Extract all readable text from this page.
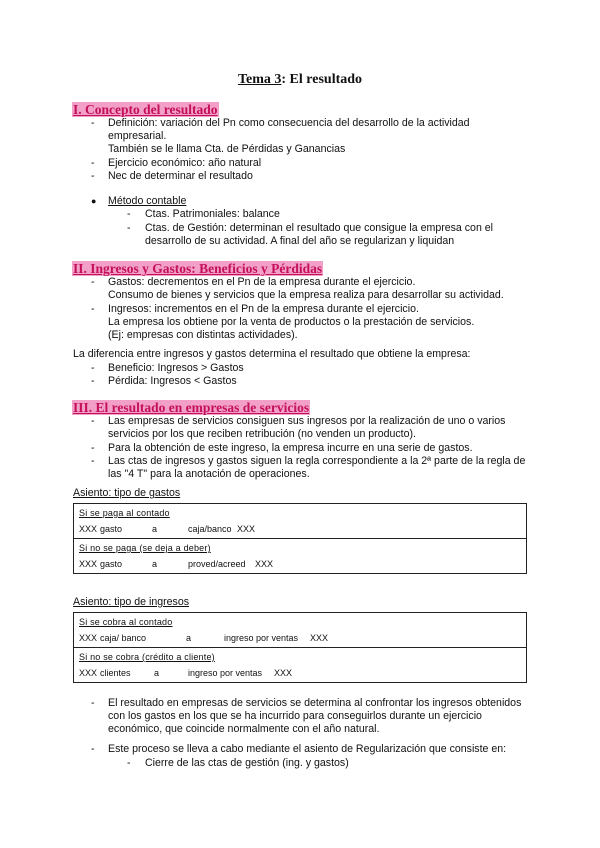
Tema 3: El resultado
I. Concepto del resultado
- Definición: variación del Pn como consecuencia del desarrollo de la actividad
empresarial.
También se le llama Cta. de Pérdidas y Ganancias
- Ejercicio económico: año natural
- Nec de determinar el resultado
● Método contable
- Ctas. Patrimoniales: balance
- Ctas. de Gestión: determinan el resultado que consigue la empresa con el
desarrollo de su actividad. A final del año se regularizan y liquidan
II. Ingresos y Gastos: Beneficios y Pérdidas
- Gastos: decrementos en el Pn de la empresa durante el ejercicio.
Consumo de bienes y servicios que la empresa realiza para desarrollar su actividad.
- Ingresos: incrementos en el Pn de la empresa durante el ejercicio.
La empresa los obtiene por la venta de productos o la prestación de servicios.
(Ej: empresas con distintas actividades).
La diferencia entre ingresos y gastos determina el resultado que obtiene la empresa:
- Beneficio: Ingresos > Gastos
- Pérdida: Ingresos < Gastos
III. El resultado en empresas de servicios
- Las empresas de servicios consiguen sus ingresos por la realización de uno o varios
servicios por los que reciben retribución (no venden un producto).
- Para la obtención de este ingreso, la empresa incurre en una serie de gastos.
- Las ctas de ingresos y gastos siguen la regla correspondiente a la 2ª parte de la regla de
las "4 T" para la anotación de operaciones.
Asiento: tipo de gastos
Si se paga al contado
XXX gasto	a	caja/banco XXX
Si no se paga (se deja a deber)
XXX gasto	a	proved/acreed XXX
Asiento: tipo de ingresos
Si se cobra al contado
XXX caja/ banco	a	ingreso por ventas XXX
Si no se cobra (crédito a cliente)
XXX clientes	a	ingreso por ventas XXX
- El resultado en empresas de servicios se determina al confrontar los ingresos obtenidos
con los gastos en los que se ha incurrido para conseguirlos durante un ejercicio
económico, que coincide normalmente con el año natural.
- Este proceso se lleva a cabo mediante el asiento de Regularización que consiste en:
- Cierre de las ctas de gestión (ing. y gastos)
